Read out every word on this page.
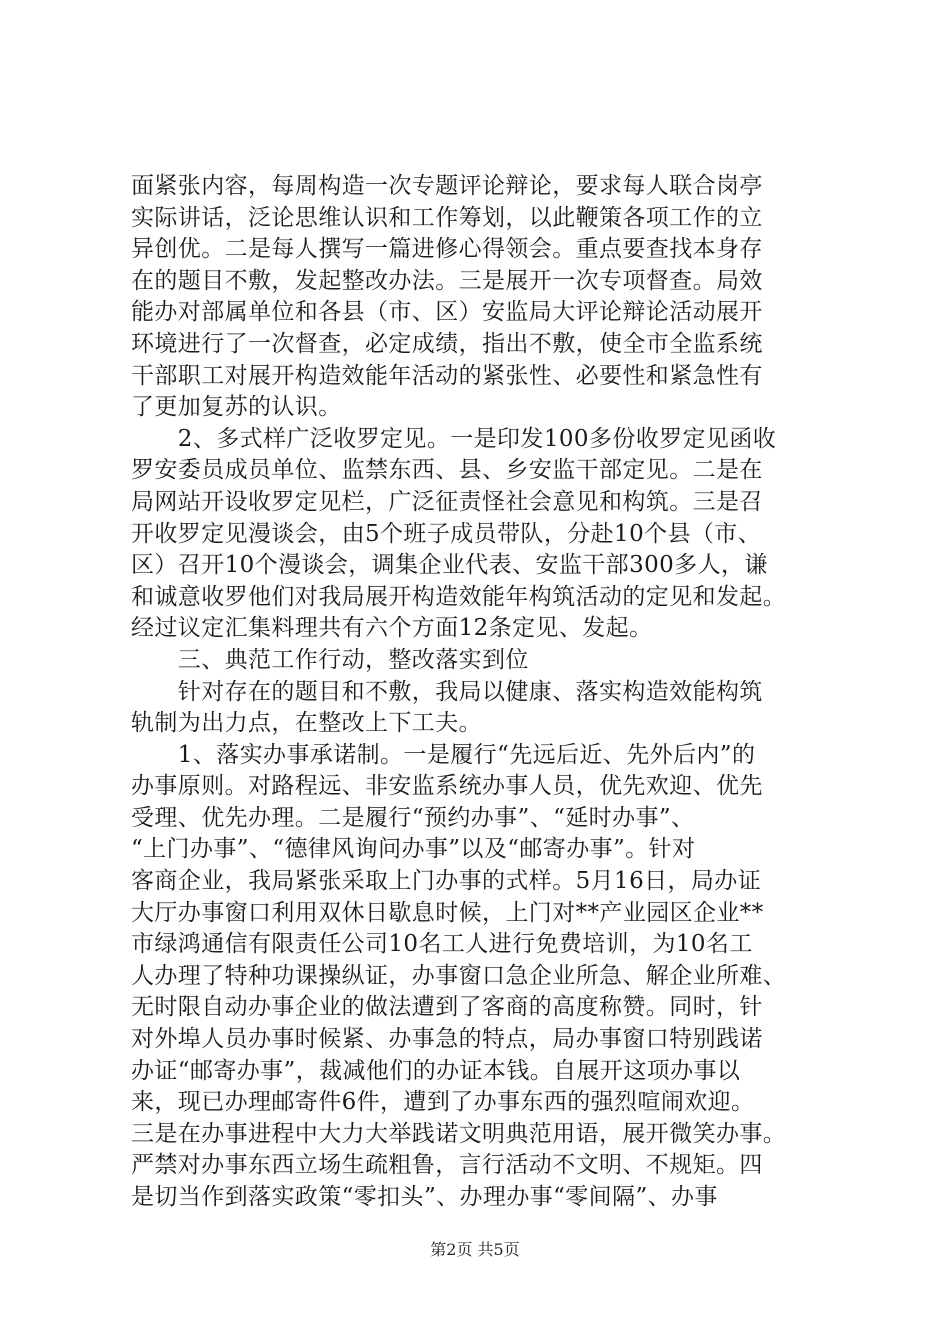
面紧张内容，每周构造一次专题评论辩论，要求每人联合岗亭
实际讲话，泛论思维认识和工作筹划，以此鞭策各项工作的立
异创优。二是每人撰写一篇进修心得领会。重点要查找本身存
在的题目不敷，发起整改办法。三是展开一次专项督查。局效
能办对部属单位和各县（市、区）安监局大评论辩论活动展开
环境进行了一次督查，必定成绩，指出不敷，使全市全监系统
干部职工对展开构造效能年活动的紧张性、必要性和紧急性有
了更加复苏的认识。
　　2、多式样广泛收罗定见。一是印发100多份收罗定见函收
罗安委员成员单位、监禁东西、县、乡安监干部定见。二是在
局网站开设收罗定见栏，广泛征责怪社会意见和构筑。三是召
开收罗定见漫谈会，由5个班子成员带队，分赴10个县（市、
区）召开10个漫谈会，调集企业代表、安监干部300多人，谦
和诚意收罗他们对我局展开构造效能年构筑活动的定见和发起。
经过议定汇集料理共有六个方面12条定见、发起。
　　三、典范工作行动，整改落实到位
　　针对存在的题目和不敷，我局以健康、落实构造效能构筑
轨制为出力点，在整改上下工夫。
　　1、落实办事承诺制。一是履行“先远后近、先外后内”的
办事原则。对路程远、非安监系统办事人员，优先欢迎、优先
受理、优先办理。二是履行“预约办事”、“延时办事”、
“上门办事”、“德律风询问办事”以及“邮寄办事”。针对
客商企业，我局紧张采取上门办事的式样。5月16日，局办证
大厅办事窗口利用双休日歇息时候，上门对**产业园区企业**
市绿鸿通信有限责任公司10名工人进行免费培训，为10名工
人办理了特种功课操纵证，办事窗口急企业所急、解企业所难、
无时限自动办事企业的做法遭到了客商的高度称赞。同时，针
对外埠人员办事时候紧、办事急的特点，局办事窗口特别践诺
办证“邮寄办事”，裁减他们的办证本钱。自展开这项办事以
来，现已办理邮寄件6件，遭到了办事东西的强烈喧闹欢迎。
三是在办事进程中大力大举践诺文明典范用语，展开微笑办事。
严禁对办事东西立场生疏粗鲁，言行活动不文明、不规矩。四
是切当作到落实政策“零扣头”、办理办事“零间隔”、办事
第2页 共5页
